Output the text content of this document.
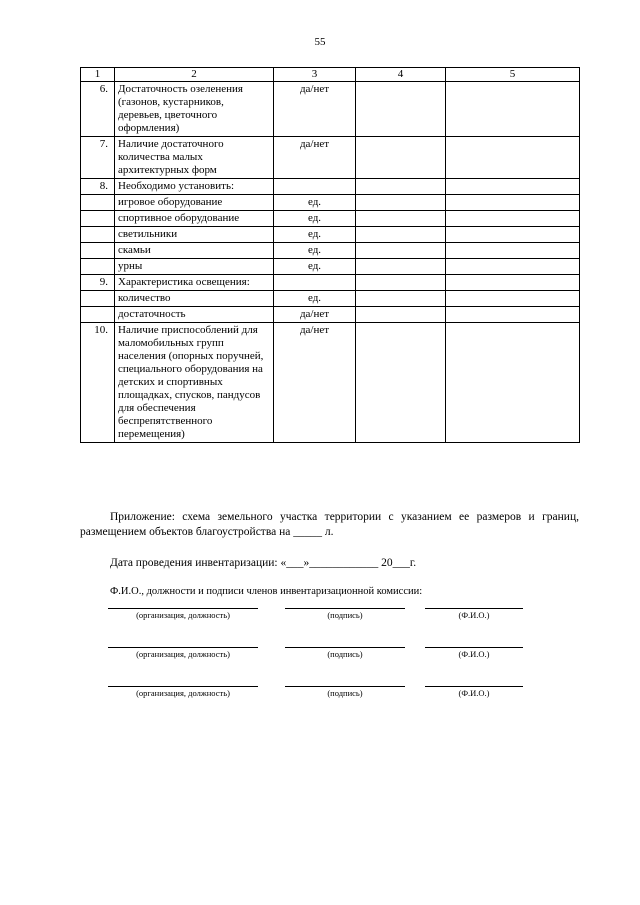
55
1	2	3	4	5
6.	Достаточность озеленения (газонов, кустарников, деревьев, цветочного оформления)	да/нет		
7.	Наличие достаточного количества малых архитектурных форм	да/нет		
8.	Необходимо установить:			
	игровое оборудование	ед.		
	спортивное оборудование	ед.		
	светильники	ед.		
	скамьи	ед.		
	урны	ед.		
9.	Характеристика освещения:			
	количество	ед.		
	достаточность	да/нет		
10.	Наличие приспособлений для маломобильных групп населения (опорных поручней, специального оборудования на детских и спортивных площадках, спусков, пандусов для обеспечения беспрепятственного перемещения)	да/нет		
Приложение: схема земельного участка территории с указанием ее размеров и границ, размещением объектов благоустройства на _____ л.
Дата проведения инвентаризации: «___»____________ 20___г.
Ф.И.О., должности и подписи членов инвентаризационной комиссии:
(организация, должность)	(подпись)	(Ф.И.О.)
(организация, должность)	(подпись)	(Ф.И.О.)
(организация, должность)	(подпись)	(Ф.И.О.)
